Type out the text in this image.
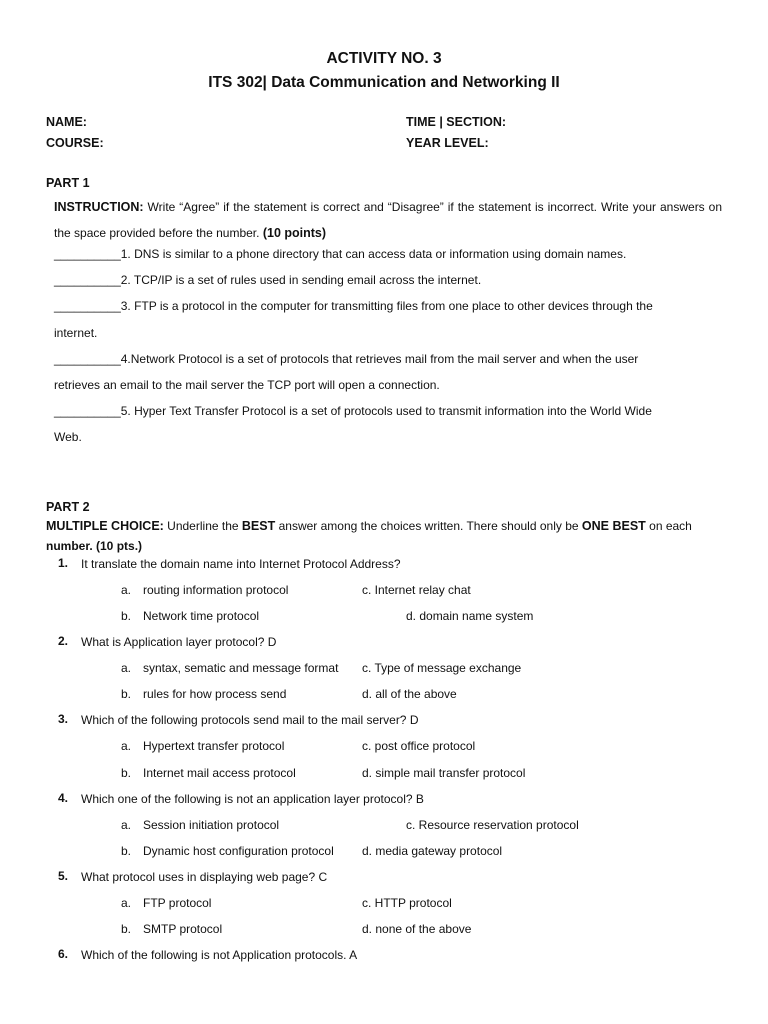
ACTIVITY NO. 3
ITS 302| Data Communication and Networking II
NAME:	TIME | SECTION:
COURSE:	YEAR LEVEL:
PART 1
INSTRUCTION: Write “Agree” if the statement is correct and “Disagree” if the statement is incorrect. Write your answers on the space provided before the number. (10 points)
__________1. DNS is similar to a phone directory that can access data or information using domain names.
__________2. TCP/IP is a set of rules used in sending email across the internet.
__________3. FTP is a protocol in the computer for transmitting files from one place to other devices through the
internet.
__________4.Network Protocol is a set of protocols that retrieves mail from the mail server and when the user
retrieves an email to the mail server the TCP port will open a connection.
__________5. Hyper Text Transfer Protocol is a set of protocols used to transmit information into the World Wide
Web.
PART 2
MULTIPLE CHOICE: Underline the BEST answer among the choices written. There should only be ONE BEST on each
number. (10 pts.)
1. It translate the domain name into Internet Protocol Address?
a. routing information protocol	c. Internet relay chat
b. Network time protocol	d. domain name system
2. What is Application layer protocol? D
a. syntax, sematic and message format c. Type of message exchange
b. rules for how process send	d. all of the above
3. Which of the following protocols send mail to the mail server? D
a. Hypertext transfer protocol	c. post office protocol
b. Internet mail access protocol	d. simple mail transfer protocol
4. Which one of the following is not an application layer protocol? B
a. Session initiation protocol	c. Resource reservation protocol
b. Dynamic host configuration protocol d. media gateway protocol
5. What protocol uses in displaying web page? C
a. FTP protocol	c. HTTP protocol
b. SMTP protocol	d. none of the above
6. Which of the following is not Application protocols. A
